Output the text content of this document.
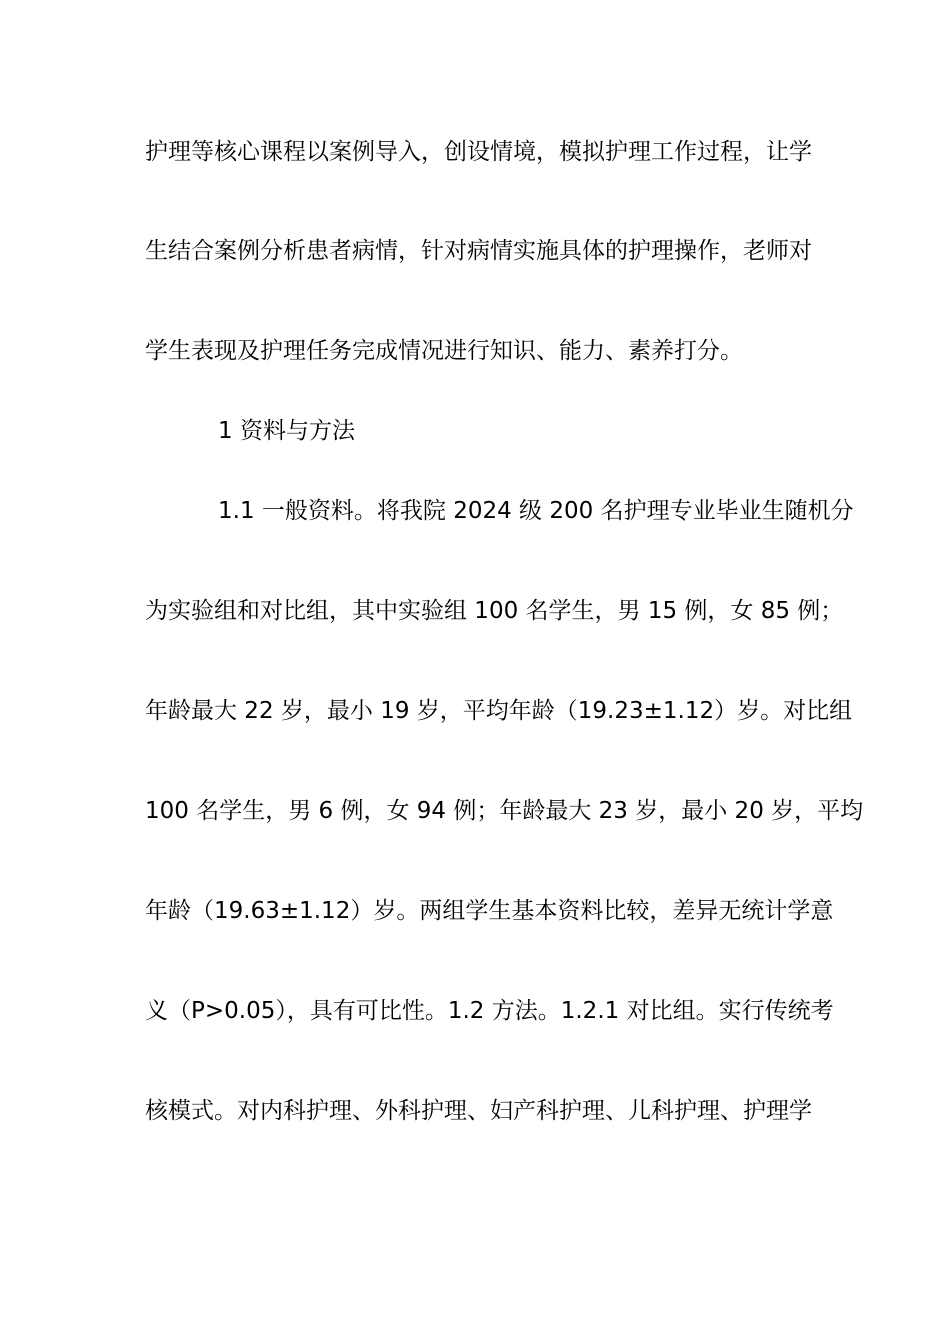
护理等核心课程以案例导入，创设情境，模拟护理工作过程，让学
生结合案例分析患者病情，针对病情实施具体的护理操作，老师对
学生表现及护理任务完成情况进行知识、能力、素养打分。
1 资料与方法
1.1 一般资料。将我院 2024 级 200 名护理专业毕业生随机分
为实验组和对比组，其中实验组 100 名学生，男 15 例，女 85 例；
年龄最大 22 岁，最小 19 岁，平均年龄（19.23±1.12）岁。对比组
100 名学生，男 6 例，女 94 例；年龄最大 23 岁，最小 20 岁，平均
年龄（19.63±1.12）岁。两组学生基本资料比较，差异无统计学意
义（P>0.05），具有可比性。1.2 方法。1.2.1 对比组。实行传统考
核模式。对内科护理、外科护理、妇产科护理、儿科护理、护理学
